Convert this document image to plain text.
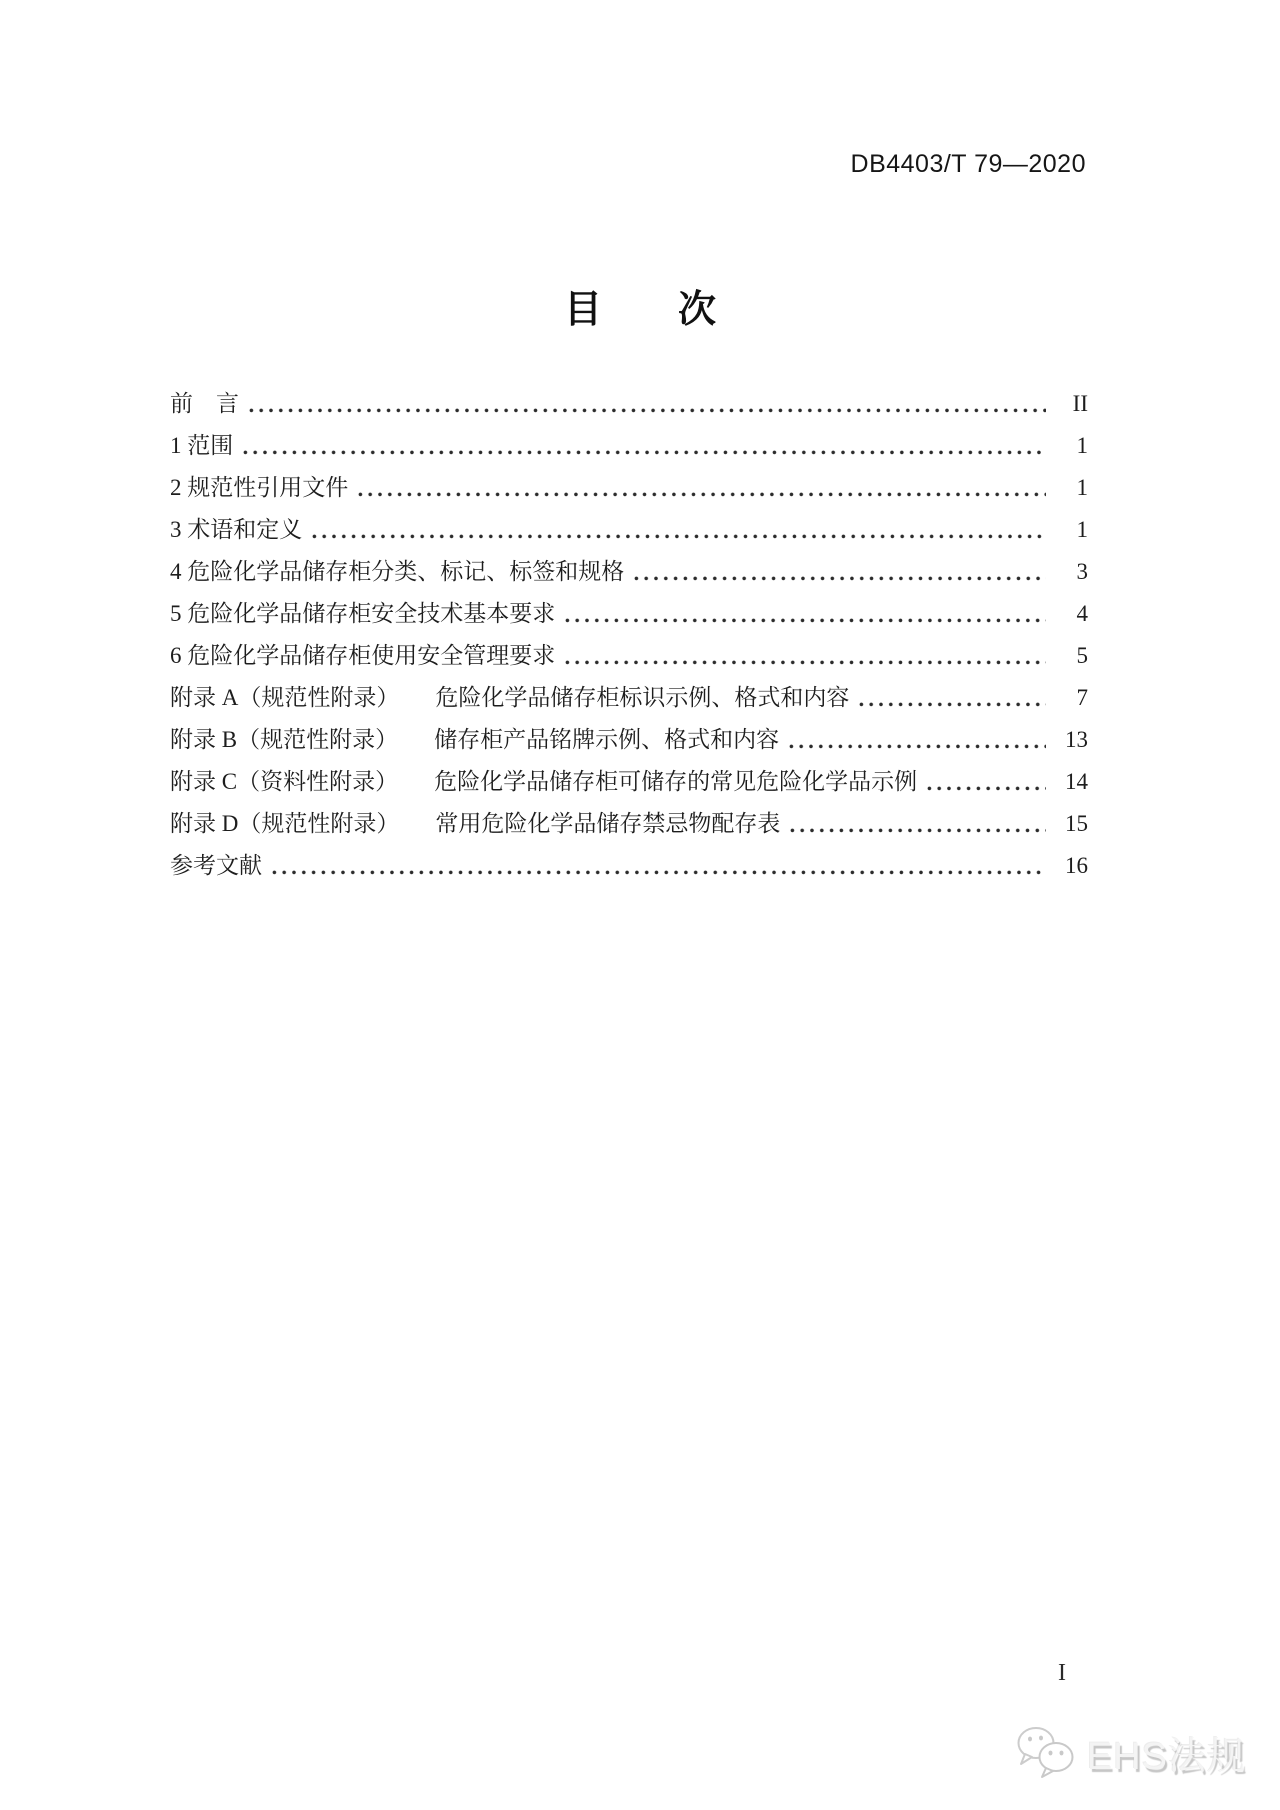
DB4403/T 79—2020
目　　次
前　言	II
1 范围	1
2 规范性引用文件	1
3 术语和定义	1
4 危险化学品储存柜分类、标记、标签和规格	3
5 危险化学品储存柜安全技术基本要求	4
6 危险化学品储存柜使用安全管理要求	5
附录 A（规范性附录） 危险化学品储存柜标识示例、格式和内容	7
附录 B（规范性附录） 储存柜产品铭牌示例、格式和内容	13
附录 C（资料性附录） 危险化学品储存柜可储存的常见危险化学品示例	14
附录 D（规范性附录） 常用危险化学品储存禁忌物配存表	15
参考文献	16
I
EHS法规
